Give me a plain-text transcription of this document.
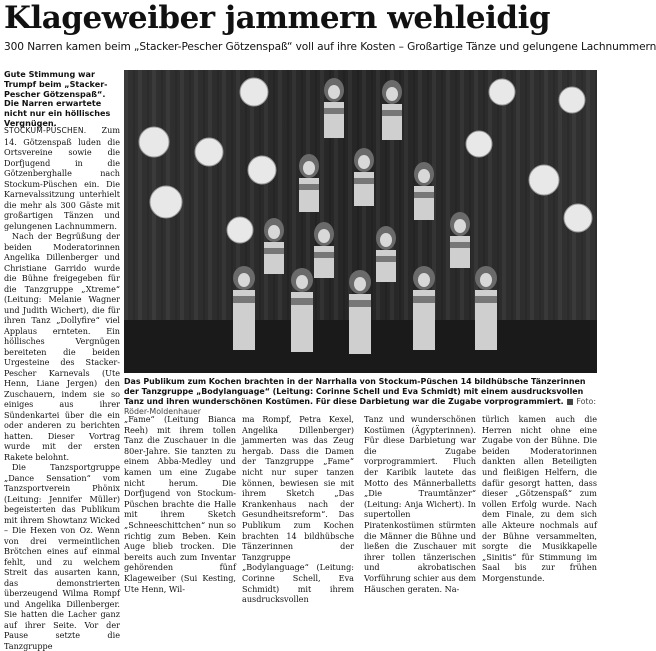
Klageweiber jammern wehleidig
300 Narren kamen beim „Stacker-Pescher Götzenspaß“ voll auf ihre Kosten – Großartige Tänze und gelungene Lachnummern
Gute Stimmung war Trumpf beim „Stacker-Pescher Götzenspaß“. Die Narren erwartete nicht nur ein höllisches Vergnügen.

STOCKUM-PÜSCHEN. Zum 14. Götzenspaß luden die Ortsvereine sowie die Dorfjugend in die Götzenberghalle nach Stockum-Püschen ein. Die Karnevalssitzung unterhielt die mehr als 300 Gäste mit großartigen Tänzen und gelungenen Lachnummern.

Nach der Begrüßung der beiden Moderatorinnen Angelika Dillenberger und Christiane Garrido wurde die Bühne freigegeben für die Tanzgruppe „Xtreme“ (Leitung: Melanie Wagner und Judith Wichert), die für ihren Tanz „Dollyfire“ viel Applaus ernteten. Ein höllisches Vergnügen bereiteten die beiden Urgesteine des Stacker-Pescher Karnevals (Ute Henn, Liane Jergen) den Zuschauern, indem sie so einiges aus ihrer Sündenkartei über die ein oder anderen zu berichten hatten. Dieser Vortrag wurde mit der ersten Rakete belohnt.

Die Tanzsportgruppe „Dance Sensation“ vom Tanzsportverein Phönix (Leitung: Jennifer Müller) begeisterten das Publikum mit ihrem Showtanz Wicked – Die Hexen von Oz. Wenn von drei vermeintlichen Brötchen eines auf einmal fehlt, und zu welchem Streit das ausarten kann, das demonstrierten überzeugend Wilma Rompf und Angelika Dillenberger. Sie hatten die Lacher ganz auf ihrer Seite. Vor der Pause setzte die Tanzgruppe

Das Publikum zum Kochen brachten in der Narrhalla von Stockum-Püschen 14 bildhübsche Tänzerinnen der Tanzgruppe „Bodylanguage“ (Leitung: Corinne Schell und Eva Schmidt) mit einem ausdrucksvollen Tanz und ihren wunderschönen Kostümen. Für diese Darbietung war die Zugabe vorprogrammiert. ■ Foto: Röder-Moldenhauer
„Fame“ (Leitung Bianca Reeh) mit ihrem tollen Tanz die Zuschauer in die 80er-Jahre. Sie tanzten zu einem Abba-Medley und kamen um eine Zugabe nicht herum. Die Dorfjugend von Stockum-Püschen brachte die Halle mit ihrem Sketch „Schneeschittchen“ nun so richtig zum Beben. Kein Auge blieb trocken. Die bereits auch zum Inventar gehörenden fünf Klageweiber (Sui Kesting, Ute Henn, Wil-
ma Rompf, Petra Kexel, Angelika Dillenberger) jammerten was das Zeug hergab. Dass die Damen der Tanzgruppe „Fame“ nicht nur super tanzen können, bewiesen sie mit ihrem Sketch „Das Krankenhaus nach der Gesundheitsreform“. Das Publikum zum Kochen brachten 14 bildhübsche Tänzerinnen der Tanzgruppe „Bodylanguage“ (Leitung: Corinne Schell, Eva Schmidt) mit ihrem ausdrucksvollen
Tanz und wunderschönen Kostümen (Ägypterinnen). Für diese Darbietung war die Zugabe vorprogrammiert. Fluch der Karibik lautete das Motto des Männerballetts „Die Traumtänzer“ (Leitung: Anja Wichert). In supertollen Piratenkostümen stürmten die Männer die Bühne und ließen die Zuschauer mit ihrer tollen tänzerischen und akrobatischen Vorführung schier aus dem Häuschen geraten. Na-
türlich kamen auch die Herren nicht ohne eine Zugabe von der Bühne. Die beiden Moderatorinnen dankten allen Beteiligten und fleißigen Helfern, die dafür gesorgt hatten, dass dieser „Götzenspaß“ zum vollen Erfolg wurde. Nach dem Finale, zu dem sich alle Akteure nochmals auf der Bühne versammelten, sorgte die Musikkapelle „Sinitis“ für Stimmung im Saal bis zur frühen Morgenstunde.
